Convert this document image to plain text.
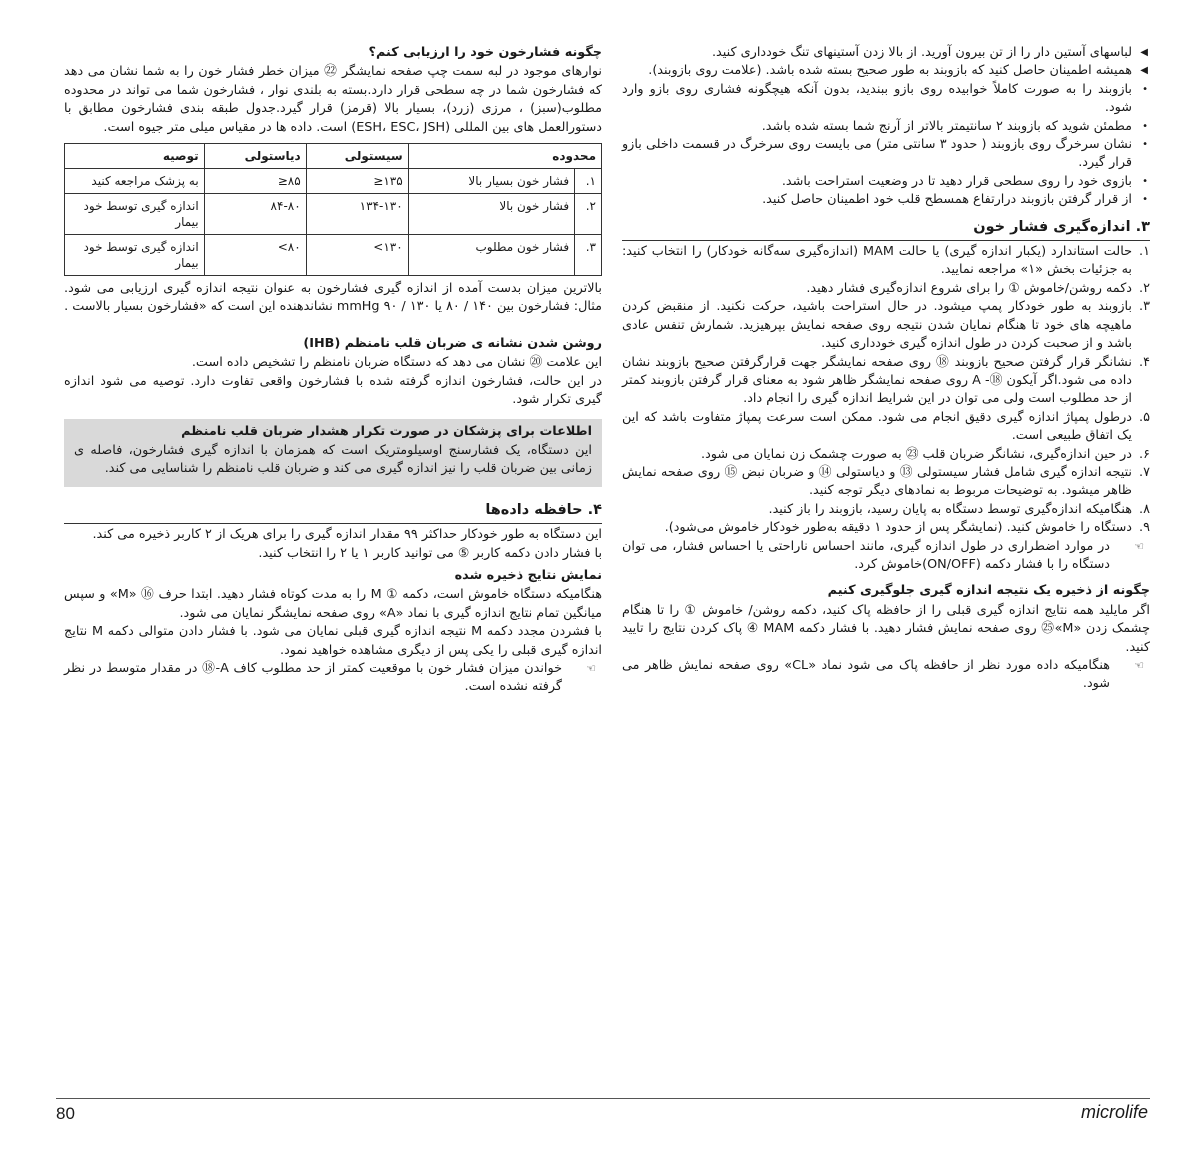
◀
لباسهای آستین دار را از تن بیرون آورید. از بالا زدن آستینهای تنگ خودداری کنید.
◀
همیشه اطمینان حاصل کنید که بازوبند به طور صحیح بسته شده باشد. (علامت روی بازوبند).
•
بازوبند را به صورت کاملاً خوابیده روی بازو ببندید، بدون آنکه هیچگونه فشاری روی بازو وارد شود.
•
مطمئن شوید که بازوبند ۲ سانتیمتر بالاتر از آرنج شما بسته شده باشد.
•
نشان سرخرگ روی بازوبند ( حدود ۳ سانتی متر) می بایست روی سرخرگ در قسمت داخلی بازو قرار گیرد.
•
بازوی خود را روی سطحی قرار دهید تا در وضعیت استراحت باشد.
•
از قرار گرفتن بازوبند درارتفاع همسطح قلب خود اطمینان حاصل کنید.
۳. اندازه‌گیری فشار خون
۱.
حالت استاندارد (یکبار اندازه گیری) یا حالت MAM (اندازه‌گیری سه‌گانه خودکار) را انتخاب کنید: به جزئیات بخش «۱» مراجعه نمایید.
۲.
دکمه روشن/خاموش ① را برای شروع اندازه‌گیری فشار دهید.
۳.
بازوبند به طور خودکار پمپ میشود. در حال استراحت باشید، حرکت نکنید. از منقبض کردن ماهیچه های خود تا هنگام نمایان شدن نتیجه روی صفحه نمایش بپرهیزید. شمارش تنفس عادی باشد و از صحبت کردن در طول اندازه گیری خودداری کنید.
۴.
نشانگر قرار گرفتن صحیح بازوبند ⑱ روی صفحه نمایشگر جهت قرارگرفتن صحیح بازوبند نشان داده می شود.اگر آیکون ⑱- A روی صفحه نمایشگر ظاهر شود به معنای قرار گرفتن بازوبند کمتر از حد مطلوب است ولی می توان در این شرایط اندازه گیری را انجام داد.
۵.
درطول پمپاژ اندازه گیری دقیق انجام می شود. ممکن است سرعت پمپاژ متفاوت باشد که این یک اتفاق طبیعی است.
۶.
در حین اندازه‌گیری، نشانگر ضربان قلب ㉓ به صورت چشمک زن نمایان می شود.
۷.
نتیجه اندازه گیری شامل فشار سیستولی ⑬ و دیاستولی ⑭ و ضربان نبض ⑮ روی صفحه نمایش ظاهر میشود. به توضیحات مربوط به نمادهای دیگر توجه کنید.
۸.
هنگامیکه اندازه‌گیری توسط دستگاه به پایان رسید، بازوبند را باز کنید.
۹.
دستگاه را خاموش کنید. (نمایشگر پس از حدود ۱ دقیقه به‌طور خودکار خاموش می‌شود).

☜
در موارد اضطراری در طول اندازه گیری، مانند احساس ناراحتی یا احساس فشار، می توان دستگاه را با فشار دکمه (ON/OFF)خاموش کرد.

چگونه از ذخیره یک نتیجه اندازه گیری جلوگیری کنیم

اگر مایلید همه نتایج اندازه گیری قبلی را از حافظه پاک کنید، دکمه روشن/ خاموش ① را تا هنگام چشمک زدن «M»㉕ روی صفحه نمایش فشار دهید. با فشار دکمه MAM ④ پاک کردن نتایج را تایید کنید.

☜
هنگامیکه داده مورد نظر از حافظه پاک می شود نماد «CL» روی صفحه نمایش ظاهر می شود.

چگونه فشارخون خود را ارزیابی کنم؟

نوارهای موجود در لبه سمت چپ صفحه نمایشگر ㉒ میزان خطر فشار خون را به شما نشان می دهد که فشارخون شما در چه سطحی قرار دارد.بسته به بلندی نوار ، فشارخون شما می تواند در محدوده مطلوب(سبز) ، مرزی (زرد)، بسیار بالا (قرمز) قرار گیرد.جدول طبقه بندی فشارخون مطابق با دستورالعمل های بین المللی (ESH، ESC، JSH) است. داده ها در مقیاس میلی متر جیوه است.

محدوده		سیستولی	دیاستولی	توصیه
۱.	فشار خون بسیار بالا	۱۳۵≤	۸۵≤	به پزشک مراجعه کنید
۲.	فشار خون بالا	۱۳۴-۱۳۰	۸۴-۸۰	اندازه گیری توسط خود بیمار
۳.	فشار خون مطلوب	۱۳۰>	۸۰>	اندازه گیری توسط خود بیمار

بالاترین میزان بدست آمده از اندازه گیری فشارخون به عنوان نتیجه اندازه گیری ارزیابی می شود. مثال: فشارخون بین ۱۴۰ / ۸۰ یا ۱۳۰ / mmHg ۹۰ نشاندهنده این است که «فشارخون بسیار بالاست .

روشن شدن نشانه ی ضربان قلب نامنظم (IHB)

این علامت ⑳ نشان می دهد که دستگاه ضربان نامنظم را تشخیص داده است.

در این حالت، فشارخون اندازه گرفته شده با فشارخون واقعی تفاوت دارد. توصیه می شود اندازه گیری تکرار شود.

اطلاعات برای پزشکان در صورت تکرار هشدار ضربان قلب نامنظم

این دستگاه، یک فشارسنج اوسیلومتریک است که همزمان با اندازه گیری فشارخون، فاصله ی زمانی بین ضربان قلب را نیز اندازه گیری می کند و ضربان قلب نامنظم را شناسایی می کند.

۴. حافظه داده‌ها

این دستگاه به طور خودکار حداکثر ۹۹ مقدار اندازه گیری را برای هریک از ۲ کاربر ذخیره می کند.

با فشار دادن دکمه کاربر ⑤ می توانید کاربر ۱ یا ۲ را انتخاب کنید.

نمایش نتایج ذخیره شده

هنگامیکه دستگاه خاموش است، دکمه ① M را به مدت کوتاه فشار دهید. ابتدا حرف ⑯ «M» و سپس میانگین تمام نتایج اندازه گیری با نماد «A» روی صفحه نمایشگر نمایان می شود.

با فشردن مجدد دکمه M نتیجه اندازه گیری قبلی نمایان می شود. با فشار دادن متوالی دکمه M نتایج اندازه گیری قبلی را یکی پس از دیگری مشاهده خواهید نمود.

☜
خواندن میزان فشار خون با موقعیت کمتر از حد مطلوب کاف A-⑱ در مقدار متوسط در نظر گرفته نشده است.

80	microlife
